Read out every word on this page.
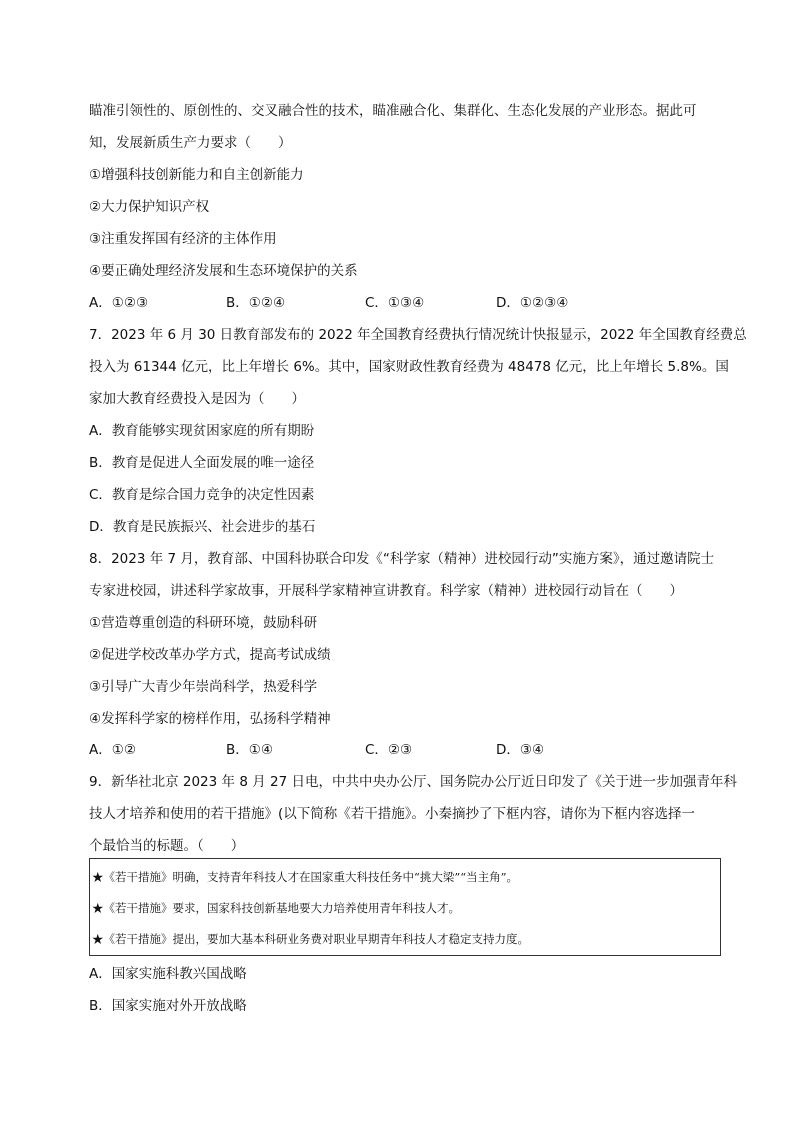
瞄准引领性的、原创性的、交叉融合性的技术，瞄准融合化、集群化、生态化发展的产业形态。据此可
知，发展新质生产力要求（　　）
①增强科技创新能力和自主创新能力
②大力保护知识产权
③注重发挥国有经济的主体作用
④要正确处理经济发展和生态环境保护的关系
A．①②③	B．①②④	C．①③④	D．①②③④
7．2023 年 6 月 30 日教育部发布的 2022 年全国教育经费执行情况统计快报显示，2022 年全国教育经费总
投入为 61344 亿元，比上年增长 6%。其中，国家财政性教育经费为 48478 亿元，比上年增长 5.8%。国
家加大教育经费投入是因为（　　）
A．教育能够实现贫困家庭的所有期盼
B．教育是促进人全面发展的唯一途径
C．教育是综合国力竞争的决定性因素
D．教育是民族振兴、社会进步的基石
8．2023 年 7 月，教育部、中国科协联合印发《“科学家（精神）进校园行动”实施方案》，通过邀请院士
专家进校园，讲述科学家故事，开展科学家精神宣讲教育。科学家（精神）进校园行动旨在（　　）
①营造尊重创造的科研环境，鼓励科研
②促进学校改革办学方式，提高考试成绩
③引导广大青少年崇尚科学，热爱科学
④发挥科学家的榜样作用，弘扬科学精神
A．①②	B．①④	C．②③	D．③④
9．新华社北京 2023 年 8 月 27 日电，中共中央办公厅、国务院办公厅近日印发了《关于进一步加强青年科
技人才培养和使用的若干措施》(以下简称《若干措施》。小秦摘抄了下框内容，请你为下框内容选择一
个最恰当的标题。（　　）
★《若干措施》明确，支持青年科技人才在国家重大科技任务中“挑大梁”“当主角”。
★《若干措施》要求，国家科技创新基地要大力培养使用青年科技人才。
★《若干措施》提出，要加大基本科研业务费对职业早期青年科技人才稳定支持力度。
A．国家实施科教兴国战略
B．国家实施对外开放战略
